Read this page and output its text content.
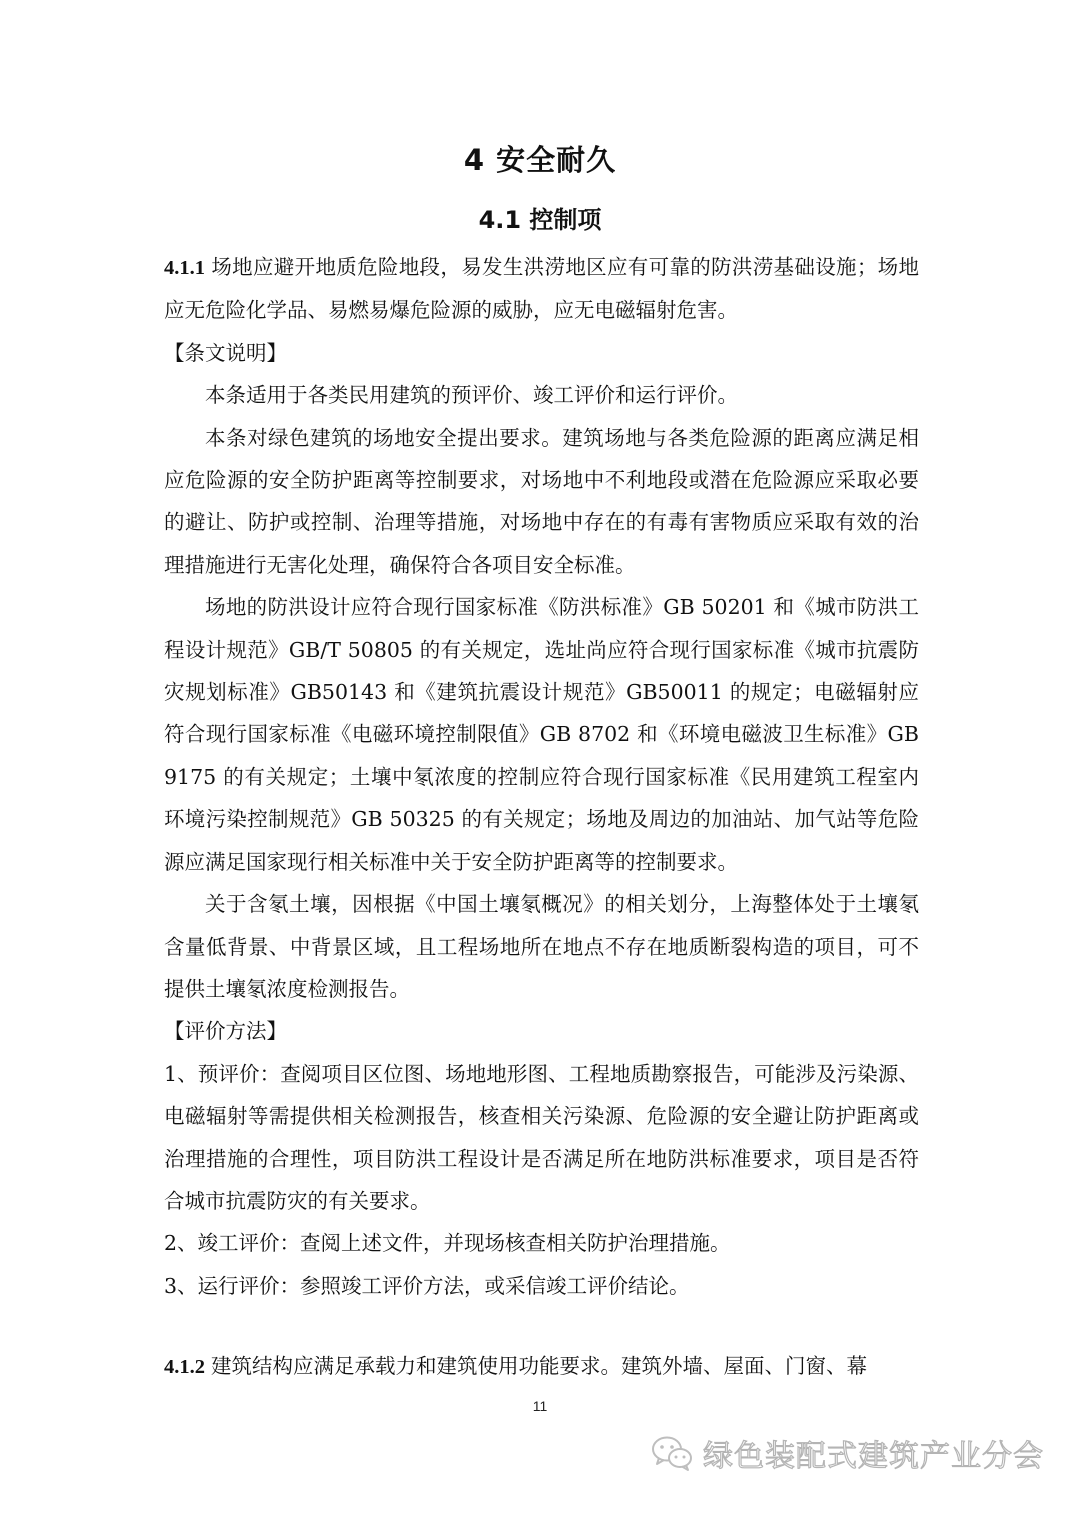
4 安全耐久
4.1 控制项

4.1.1 场地应避开地质危险地段，易发生洪涝地区应有可靠的防洪涝基础设施；场地应无危险化学品、易燃易爆危险源的威胁，应无电磁辐射危害。

【条文说明】

本条适用于各类民用建筑的预评价、竣工评价和运行评价。

本条对绿色建筑的场地安全提出要求。建筑场地与各类危险源的距离应满足相应危险源的安全防护距离等控制要求，对场地中不利地段或潜在危险源应采取必要的避让、防护或控制、治理等措施，对场地中存在的有毒有害物质应采取有效的治理措施进行无害化处理，确保符合各项目安全标准。

场地的防洪设计应符合现行国家标准《防洪标准》GB 50201 和《城市防洪工程设计规范》GB/T 50805 的有关规定，选址尚应符合现行国家标准《城市抗震防灾规划标准》GB50143 和《建筑抗震设计规范》GB50011 的规定；电磁辐射应符合现行国家标准《电磁环境控制限值》GB 8702 和《环境电磁波卫生标准》GB 9175 的有关规定；土壤中氡浓度的控制应符合现行国家标准《民用建筑工程室内环境污染控制规范》GB 50325 的有关规定；场地及周边的加油站、加气站等危险源应满足国家现行相关标准中关于安全防护距离等的控制要求。

关于含氡土壤，因根据《中国土壤氡概况》的相关划分，上海整体处于土壤氡含量低背景、中背景区域，且工程场地所在地点不存在地质断裂构造的项目，可不提供土壤氡浓度检测报告。

【评价方法】

1、预评价：查阅项目区位图、场地地形图、工程地质勘察报告，可能涉及污染源、电磁辐射等需提供相关检测报告，核查相关污染源、危险源的安全避让防护距离或治理措施的合理性，项目防洪工程设计是否满足所在地防洪标准要求，项目是否符合城市抗震防灾的有关要求。

2、竣工评价：查阅上述文件，并现场核查相关防护治理措施。

3、运行评价：参照竣工评价方法，或采信竣工评价结论。

4.1.2 建筑结构应满足承载力和建筑使用功能要求。建筑外墙、屋面、门窗、幕

11
绿色装配式建筑产业分会
